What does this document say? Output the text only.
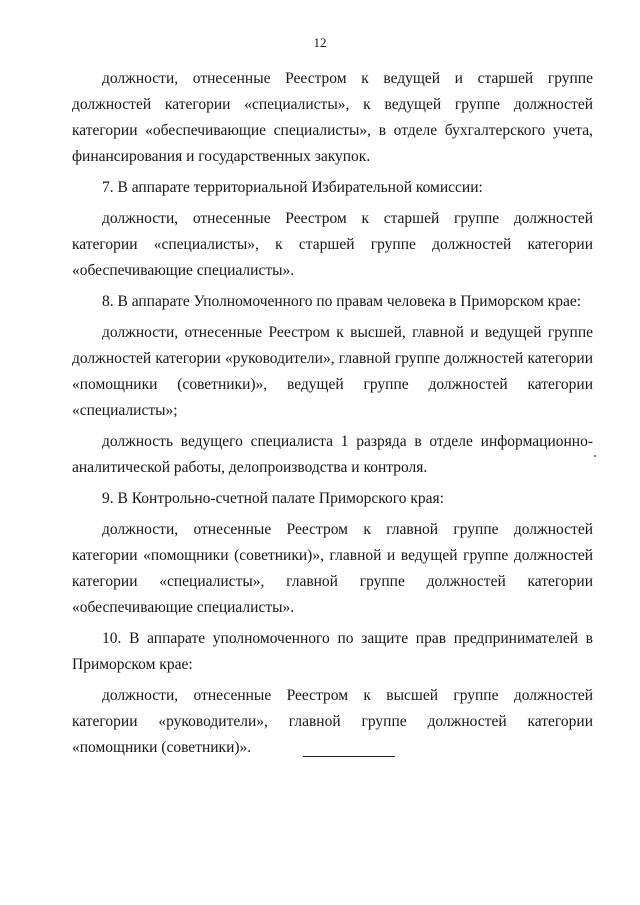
12

должности, отнесенные Реестром к ведущей и старшей группе должностей категории «специалисты», к ведущей группе должностей категории «обеспечивающие специалисты», в отделе бухгалтерского учета, финансирования и государственных закупок.

7. В аппарате территориальной Избирательной комиссии:

должности, отнесенные Реестром к старшей группе должностей категории «специалисты», к старшей группе должностей категории «обеспечивающие специалисты».

8. В аппарате Уполномоченного по правам человека в Приморском крае:

должности, отнесенные Реестром к высшей, главной и ведущей группе должностей категории «руководители», главной группе должностей категории «помощники (советники)», ведущей группе должностей категории «специалисты»;

должность ведущего специалиста 1 разряда в отделе информационно-аналитической работы, делопроизводства и контроля.

9. В Контрольно-счетной палате Приморского края:

должности, отнесенные Реестром к главной группе должностей категории «помощники (советники)», главной и ведущей группе должностей категории «специалисты», главной группе должностей категории «обеспечивающие специалисты».

10. В аппарате уполномоченного по защите прав предпринимателей в Приморском крае:

должности, отнесенные Реестром к высшей группе должностей категории «руководители», главной группе должностей категории «помощники (советники)».
